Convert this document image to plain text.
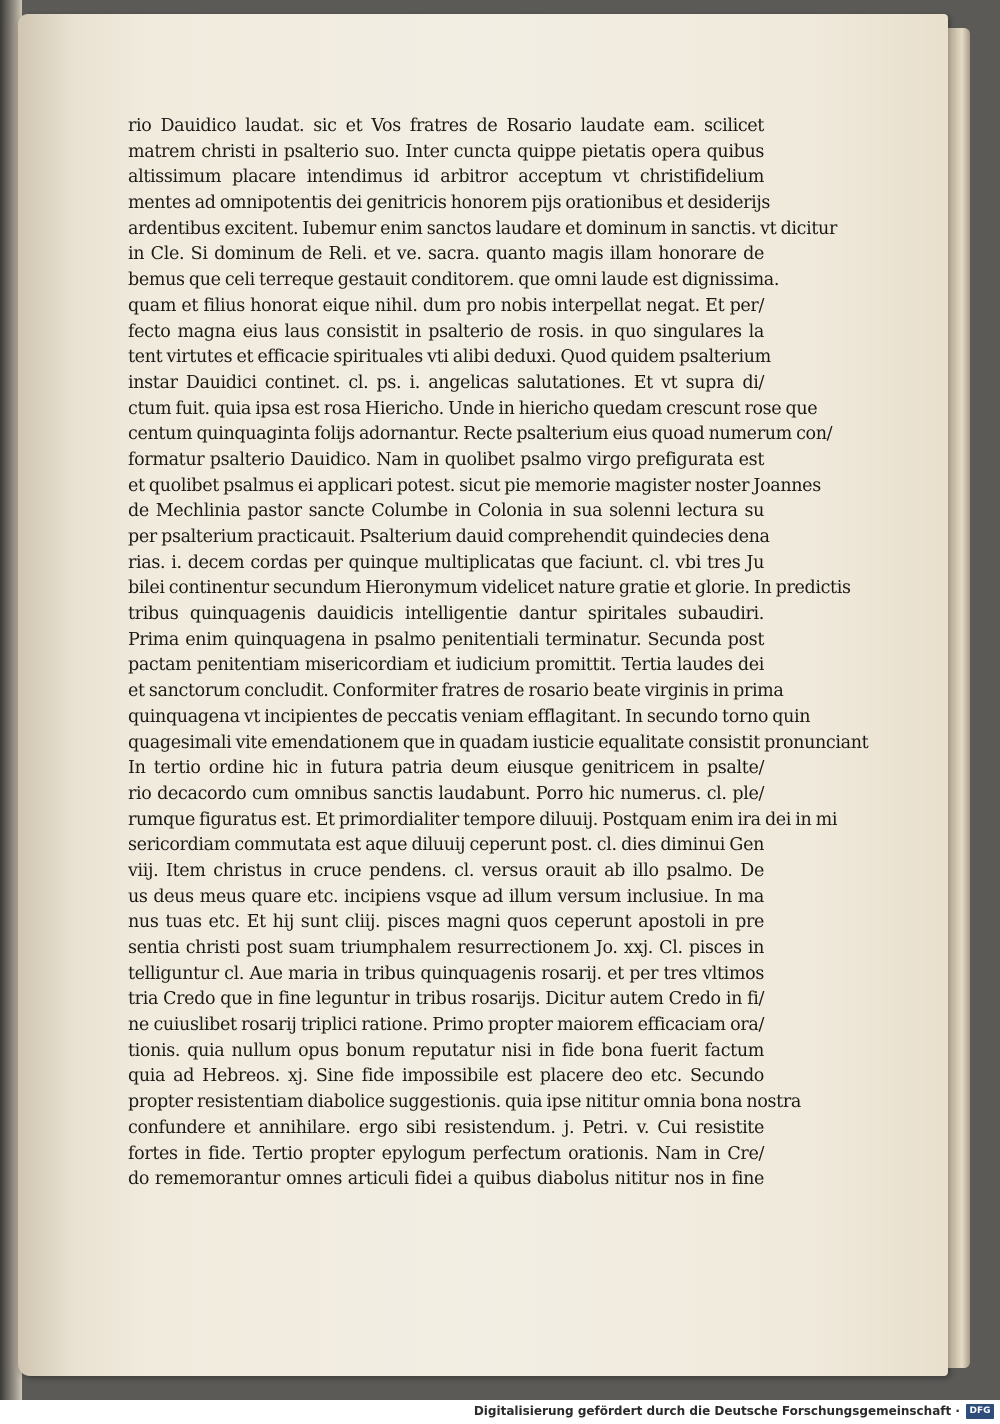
rio Dauidico laudat. sic et Vos fratres de Rosario laudate eam. scilicet
matrem christi in psalterio suo. Inter cuncta quippe pietatis opera quibus
altissimum placare intendimus id arbitror acceptum vt christifidelium
mentes ad omnipotentis dei genitricis honorem pijs orationibus et desiderijs
ardentibus excitent. Iubemur enim sanctos laudare et dominum in sanctis. vt dicitur
in Cle. Si dominum de Reli. et ve. sacra. quanto magis illam honorare de
bemus que celi terreque gestauit conditorem. que omni laude est dignissima.
quam et filius honorat eique nihil. dum pro nobis interpellat negat. Et per/
fecto magna eius laus consistit in psalterio de rosis. in quo singulares la
tent virtutes et efficacie spirituales vti alibi deduxi. Quod quidem psalterium
instar Dauidici continet. cl. ps. i. angelicas salutationes. Et vt supra di/
ctum fuit. quia ipsa est rosa Hiericho. Unde in hiericho quedam crescunt rose que
centum quinquaginta folijs adornantur. Recte psalterium eius quoad numerum con/
formatur psalterio Dauidico. Nam in quolibet psalmo virgo prefigurata est
et quolibet psalmus ei applicari potest. sicut pie memorie magister noster Joannes
de Mechlinia pastor sancte Columbe in Colonia in sua solenni lectura su
per psalterium practicauit. Psalterium dauid comprehendit quindecies dena
rias. i. decem cordas per quinque multiplicatas que faciunt. cl. vbi tres Ju
bilei continentur secundum Hieronymum videlicet nature gratie et glorie. In predictis
tribus quinquagenis dauidicis intelligentie dantur spiritales subaudiri.
Prima enim quinquagena in psalmo penitentiali terminatur. Secunda post
pactam penitentiam misericordiam et iudicium promittit. Tertia laudes dei
et sanctorum concludit. Conformiter fratres de rosario beate virginis in prima
quinquagena vt incipientes de peccatis veniam efflagitant. In secundo torno quin
quagesimali vite emendationem que in quadam iusticie equalitate consistit pronunciant
In tertio ordine hic in futura patria deum eiusque genitricem in psalte/
rio decacordo cum omnibus sanctis laudabunt. Porro hic numerus. cl. ple/
rumque figuratus est. Et primordialiter tempore diluuij. Postquam enim ira dei in mi
sericordiam commutata est aque diluuij ceperunt post. cl. dies diminui Gen
viij. Item christus in cruce pendens. cl. versus orauit ab illo psalmo. De
us deus meus quare etc. incipiens vsque ad illum versum inclusiue. In ma
nus tuas etc. Et hij sunt cliij. pisces magni quos ceperunt apostoli in pre
sentia christi post suam triumphalem resurrectionem Jo. xxj. Cl. pisces in
telliguntur cl. Aue maria in tribus quinquagenis rosarij. et per tres vltimos
tria Credo que in fine leguntur in tribus rosarijs. Dicitur autem Credo in fi/
ne cuiuslibet rosarij triplici ratione. Primo propter maiorem efficaciam ora/
tionis. quia nullum opus bonum reputatur nisi in fide bona fuerit factum
quia ad Hebreos. xj. Sine fide impossibile est placere deo etc. Secundo
propter resistentiam diabolice suggestionis. quia ipse nititur omnia bona nostra
confundere et annihilare. ergo sibi resistendum. j. Petri. v. Cui resistite
fortes in fide. Tertio propter epylogum perfectum orationis. Nam in Cre/
do rememorantur omnes articuli fidei a quibus diabolus nititur nos in fine
Digitalisierung gefördert durch die Deutsche Forschungsgemeinschaft ·	DFG
